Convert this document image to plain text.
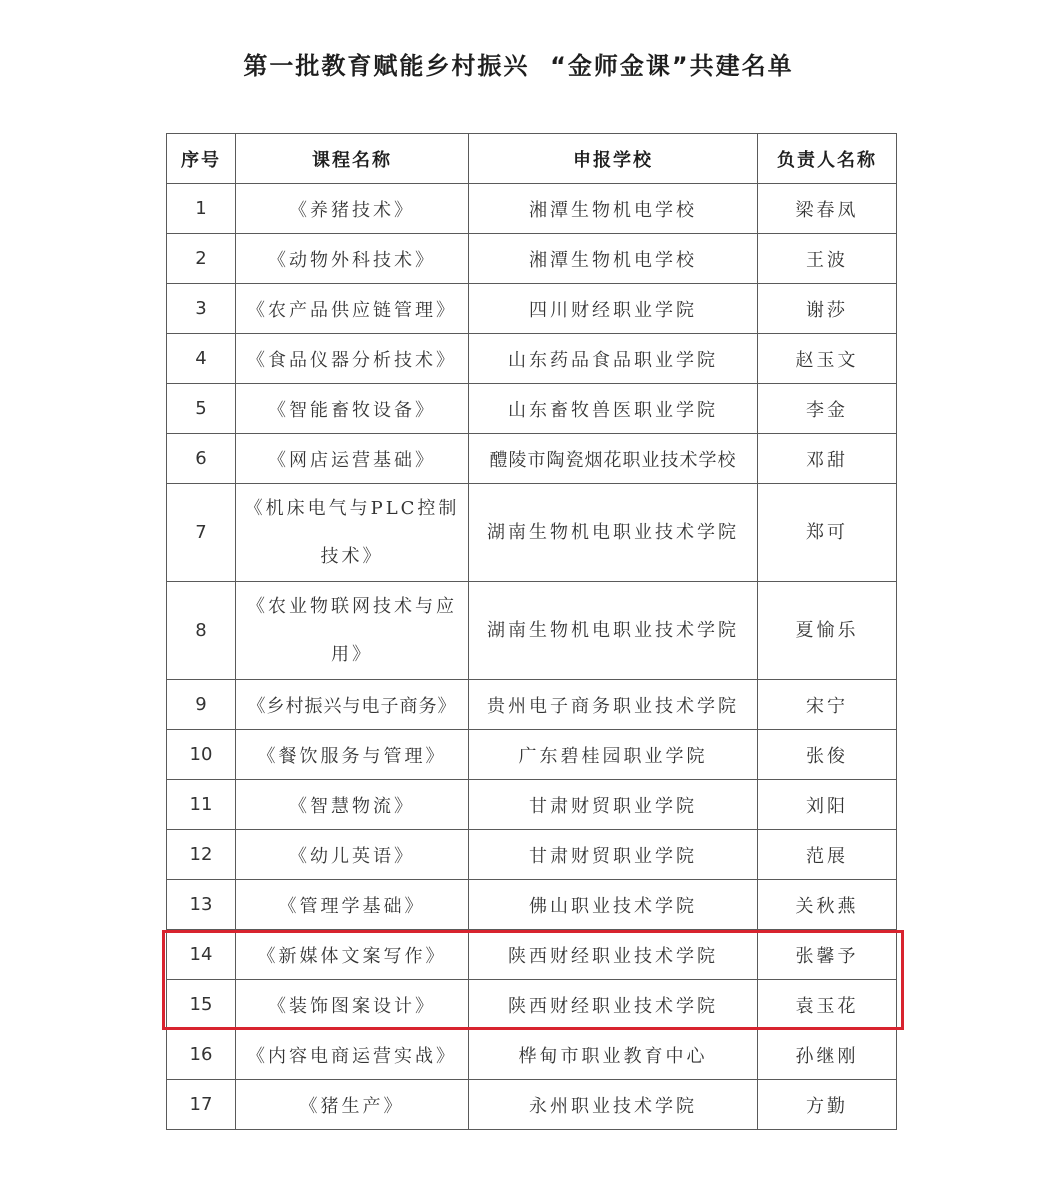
第一批教育赋能乡村振兴  “金师金课”共建名单
序号	课程名称	申报学校	负责人名称
1	《养猪技术》	湘潭生物机电学校	梁春凤
2	《动物外科技术》	湘潭生物机电学校	王波
3	《农产品供应链管理》	四川财经职业学院	谢莎
4	《食品仪器分析技术》	山东药品食品职业学院	赵玉文
5	《智能畜牧设备》	山东畜牧兽医职业学院	李金
6	《网店运营基础》	醴陵市陶瓷烟花职业技术学校	邓甜
7	《机床电气与PLC控制技术》	湖南生物机电职业技术学院	郑可
8	《农业物联网技术与应用》	湖南生物机电职业技术学院	夏愉乐
9	《乡村振兴与电子商务》	贵州电子商务职业技术学院	宋宁
10	《餐饮服务与管理》	广东碧桂园职业学院	张俊
11	《智慧物流》	甘肃财贸职业学院	刘阳
12	《幼儿英语》	甘肃财贸职业学院	范展
13	《管理学基础》	佛山职业技术学院	关秋燕
14	《新媒体文案写作》	陕西财经职业技术学院	张馨予
15	《装饰图案设计》	陕西财经职业技术学院	袁玉花
16	《内容电商运营实战》	桦甸市职业教育中心	孙继刚
17	《猪生产》	永州职业技术学院	方勤
